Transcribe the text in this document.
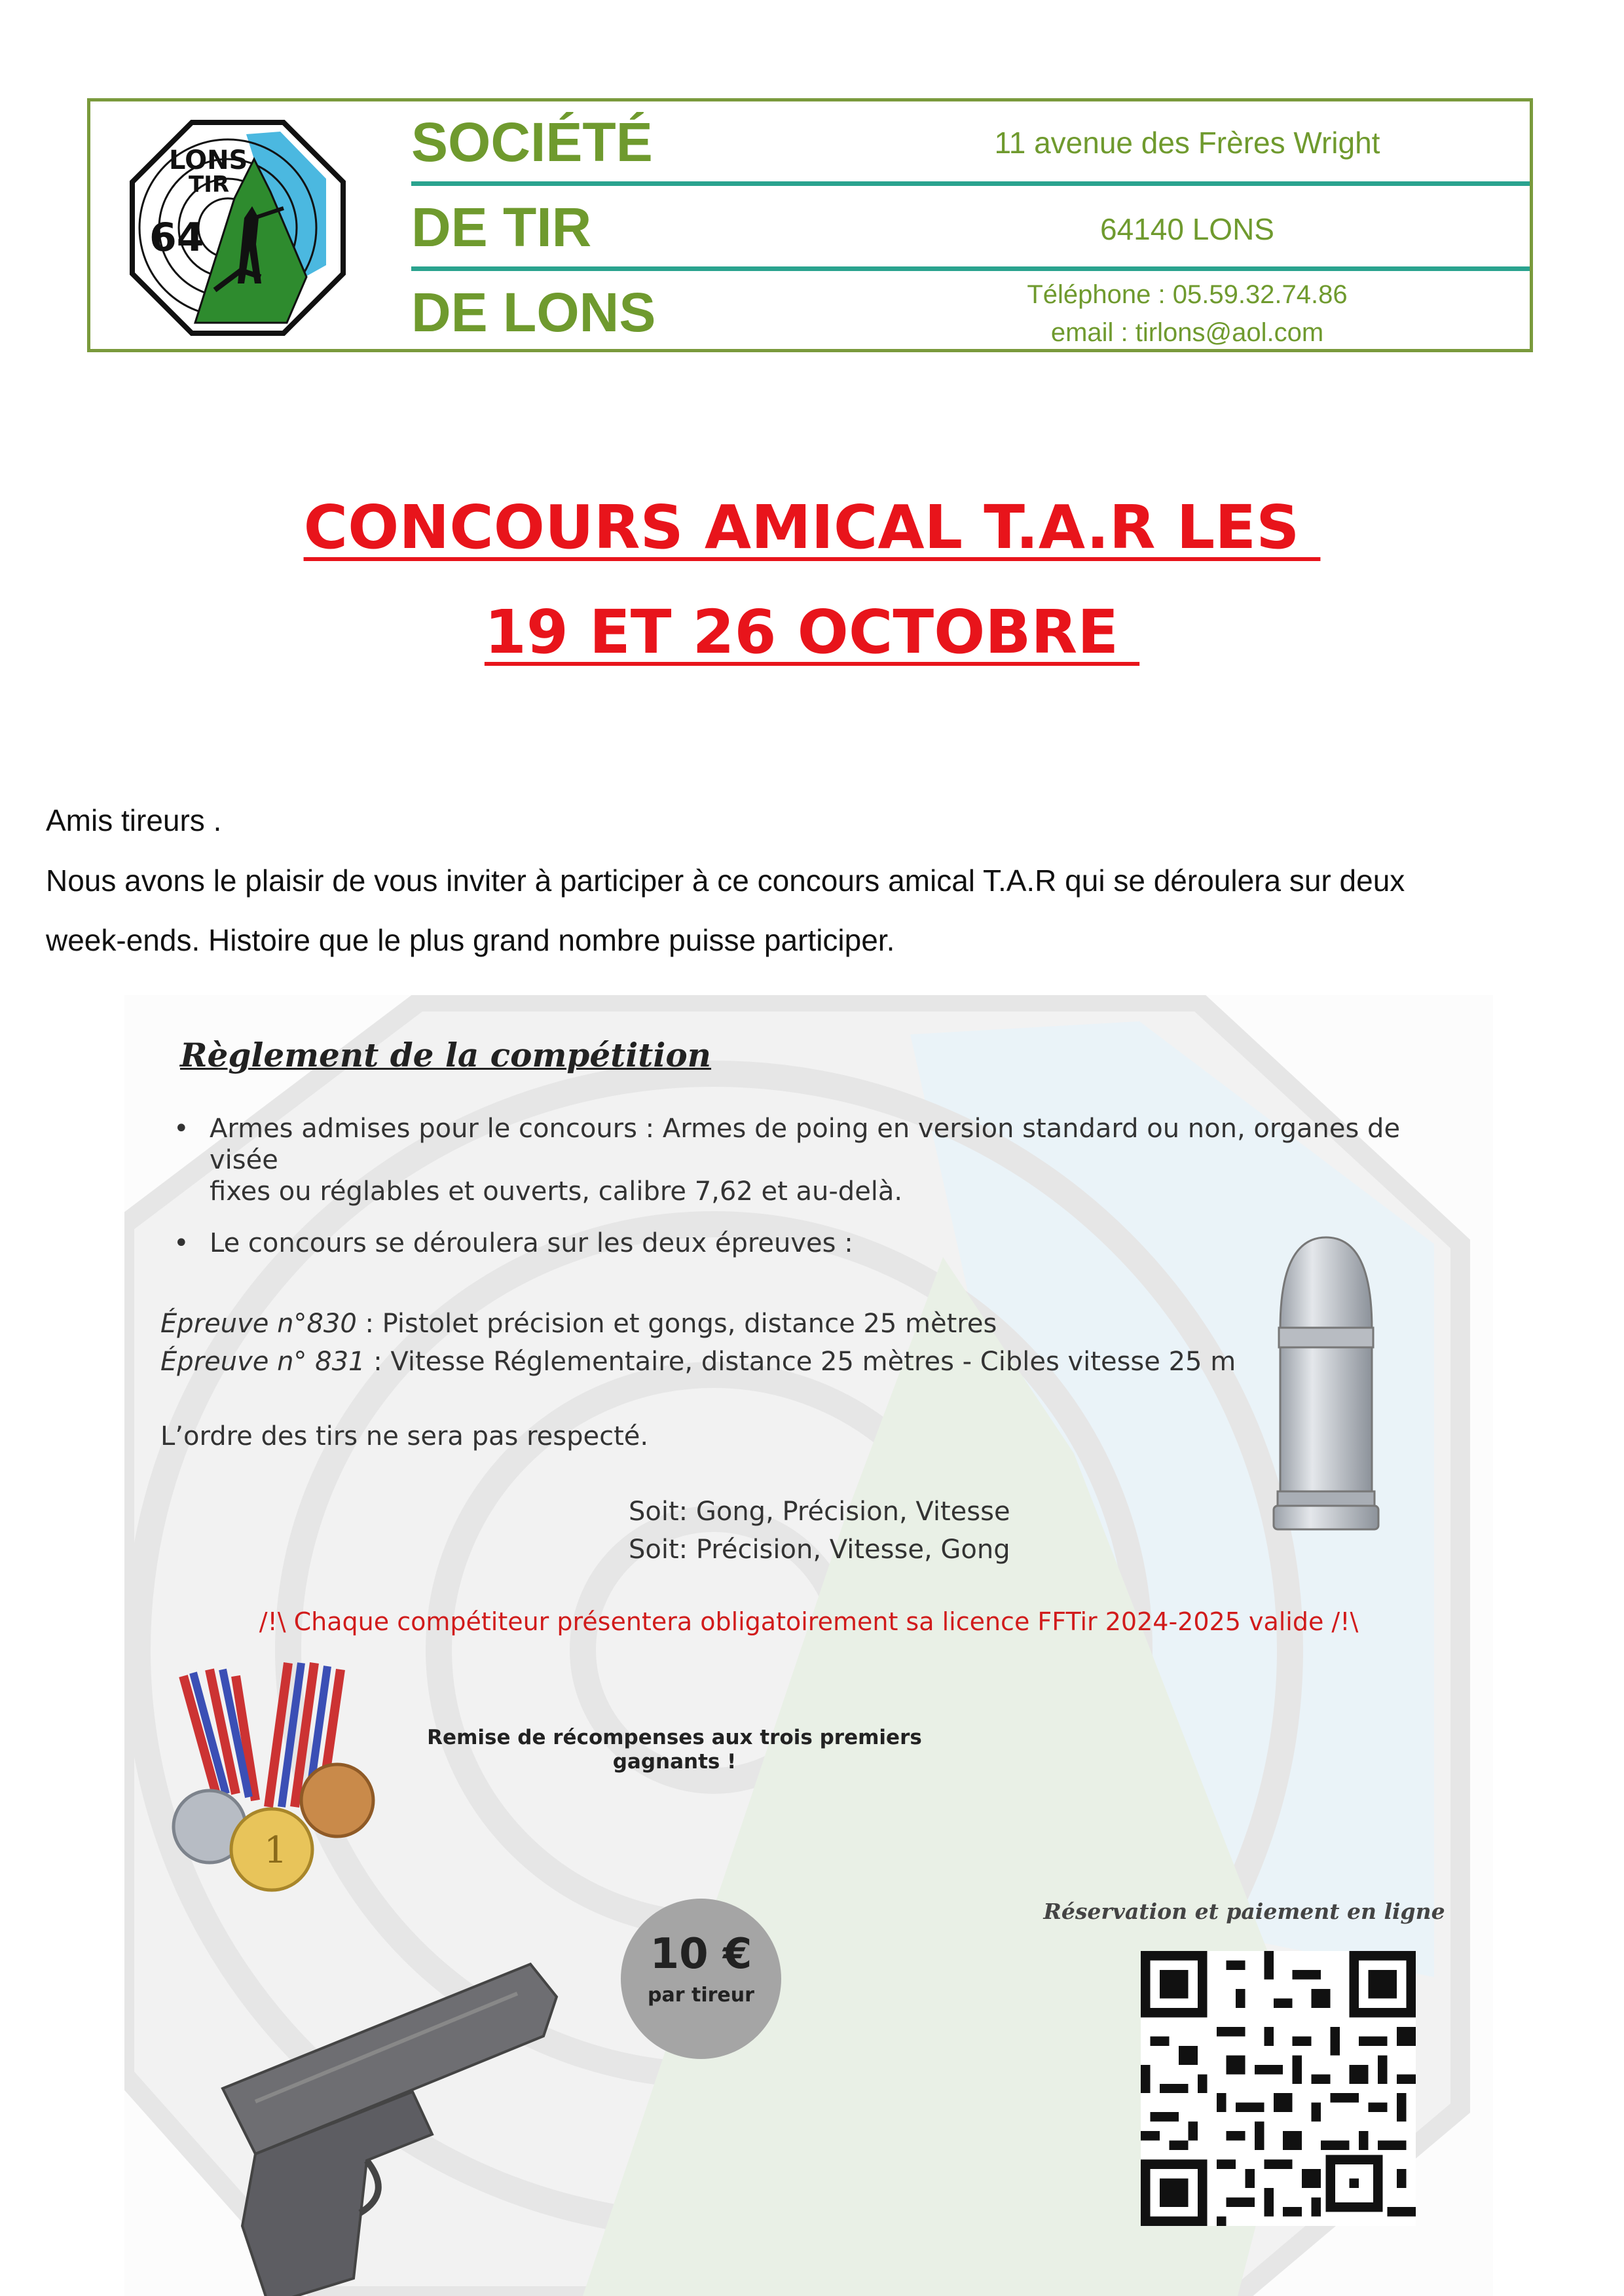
LONS
TIR
64
SOCIÉTÉ
DE TIR
DE LONS
11 avenue des Frères Wright
64140 LONS
Téléphone : 05.59.32.74.86
email : tirlons@aol.com
CONCOURS AMICAL T.A.R LES
19 ET 26 OCTOBRE
Amis tireurs .
Nous avons le plaisir de vous inviter à participer à ce concours amical T.A.R qui se déroulera sur deux
week-ends. Histoire que le plus grand nombre puisse participer.
Règlement de la compétition
• Armes admises pour le concours : Armes de poing en version standard ou non, organes de visée
fixes ou réglables et ouverts, calibre 7,62 et au-delà.
• Le concours se déroulera sur les deux épreuves :
Épreuve n°830 : Pistolet précision et gongs, distance 25 mètres
Épreuve n° 831 : Vitesse Réglementaire, distance 25 mètres - Cibles vitesse 25 m
L’ordre des tirs ne sera pas respecté.
Soit: Gong, Précision, Vitesse
Soit: Précision, Vitesse, Gong
/!\ Chaque compétiteur présentera obligatoirement sa licence FFTir 2024-2025 valide /!\
1
Remise de récompenses aux trois premiers gagnants !
10 €
par tireur
Réservation et paiement en ligne
